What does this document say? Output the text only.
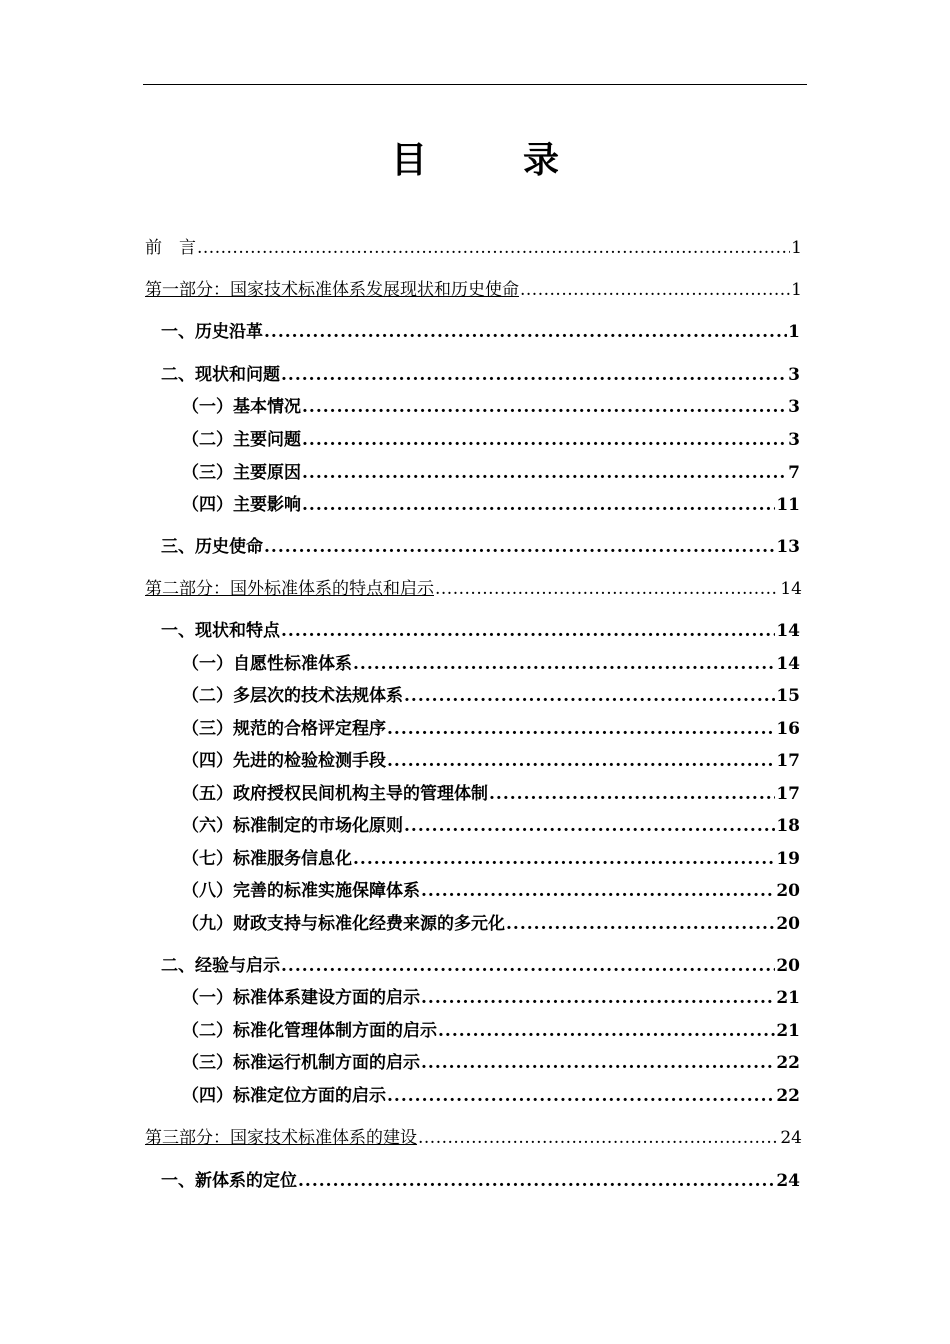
目　录
前　言 .....	1
第一部分：国家技术标准体系发展现状和历史使命 .....	1
一、历史沿革 .....	1
二、现状和问题 .....	3
（一）基本情况 .....	3
（二）主要问题 .....	3
（三）主要原因 .....	7
（四）主要影响 .....	11
三、历史使命 .....	13
第二部分：国外标准体系的特点和启示 .....	14
一、现状和特点 .....	14
（一）自愿性标准体系 .....	14
（二）多层次的技术法规体系 .....	15
（三）规范的合格评定程序 .....	16
（四）先进的检验检测手段 .....	17
（五）政府授权民间机构主导的管理体制 .....	17
（六）标准制定的市场化原则 .....	18
（七）标准服务信息化 .....	19
（八）完善的标准实施保障体系 .....	20
（九）财政支持与标准化经费来源的多元化 .....	20
二、经验与启示 .....	20
（一）标准体系建设方面的启示 .....	21
（二）标准化管理体制方面的启示 .....	21
（三）标准运行机制方面的启示 .....	22
（四）标准定位方面的启示 .....	22
第三部分：国家技术标准体系的建设 .....	24
一、新体系的定位 .....	24
